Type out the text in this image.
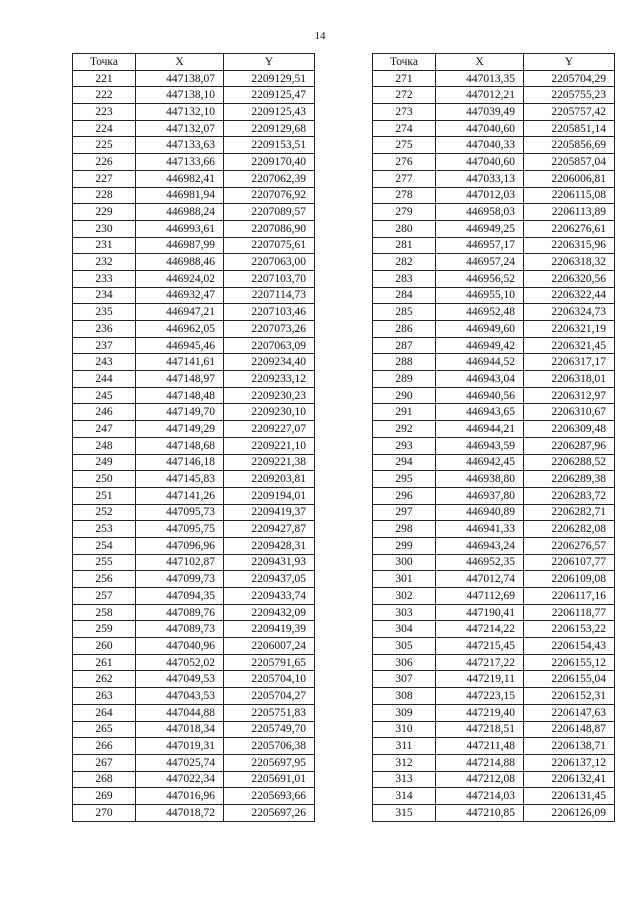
14
Точка	X	Y
221	447138,07	2209129,51
222	447138,10	2209125,47
223	447132,10	2209125,43
224	447132,07	2209129,68
225	447133,63	2209153,51
226	447133,66	2209170,40
227	446982,41	2207062,39
228	446981,94	2207076,92
229	446988,24	2207089,57
230	446993,61	2207086,90
231	446987,99	2207075,61
232	446988,46	2207063,00
233	446924,02	2207103,70
234	446932,47	2207114,73
235	446947,21	2207103,46
236	446962,05	2207073,26
237	446945,46	2207063,09
243	447141,61	2209234,40
244	447148,97	2209233,12
245	447148,48	2209230,23
246	447149,70	2209230,10
247	447149,29	2209227,07
248	447148,68	2209221,10
249	447146,18	2209221,38
250	447145,83	2209203,81
251	447141,26	2209194,01
252	447095,73	2209419,37
253	447095,75	2209427,87
254	447096,96	2209428,31
255	447102,87	2209431,93
256	447099,73	2209437,05
257	447094,35	2209433,74
258	447089,76	2209432,09
259	447089,73	2209419,39
260	447040,96	2206007,24
261	447052,02	2205791,65
262	447049,53	2205704,10
263	447043,53	2205704,27
264	447044,88	2205751,83
265	447018,34	2205749,70
266	447019,31	2205706,38
267	447025,74	2205697,95
268	447022,34	2205691,01
269	447016,96	2205693,66
270	447018,72	2205697,26
Точка	X	Y
271	447013,35	2205704,29
272	447012,21	2205755,23
273	447039,49	2205757,42
274	447040,60	2205851,14
275	447040,33	2205856,69
276	447040,60	2205857,04
277	447033,13	2206006,81
278	447012,03	2206115,08
279	446958,03	2206113,89
280	446949,25	2206276,61
281	446957,17	2206315,96
282	446957,24	2206318,32
283	446956,52	2206320,56
284	446955,10	2206322,44
285	446952,48	2206324,73
286	446949,60	2206321,19
287	446949,42	2206321,45
288	446944,52	2206317,17
289	446943,04	2206318,01
290	446940,56	2206312,97
291	446943,65	2206310,67
292	446944,21	2206309,48
293	446943,59	2206287,96
294	446942,45	2206288,52
295	446938,80	2206289,38
296	446937,80	2206283,72
297	446940,89	2206282,71
298	446941,33	2206282,08
299	446943,24	2206276,57
300	446952,35	2206107,77
301	447012,74	2206109,08
302	447112,69	2206117,16
303	447190,41	2206118,77
304	447214,22	2206153,22
305	447215,45	2206154,43
306	447217,22	2206155,12
307	447219,11	2206155,04
308	447223,15	2206152,31
309	447219,40	2206147,63
310	447218,51	2206148,87
311	447211,48	2206138,71
312	447214,88	2206137,12
313	447212,08	2206132,41
314	447214,03	2206131,45
315	447210,85	2206126,09
